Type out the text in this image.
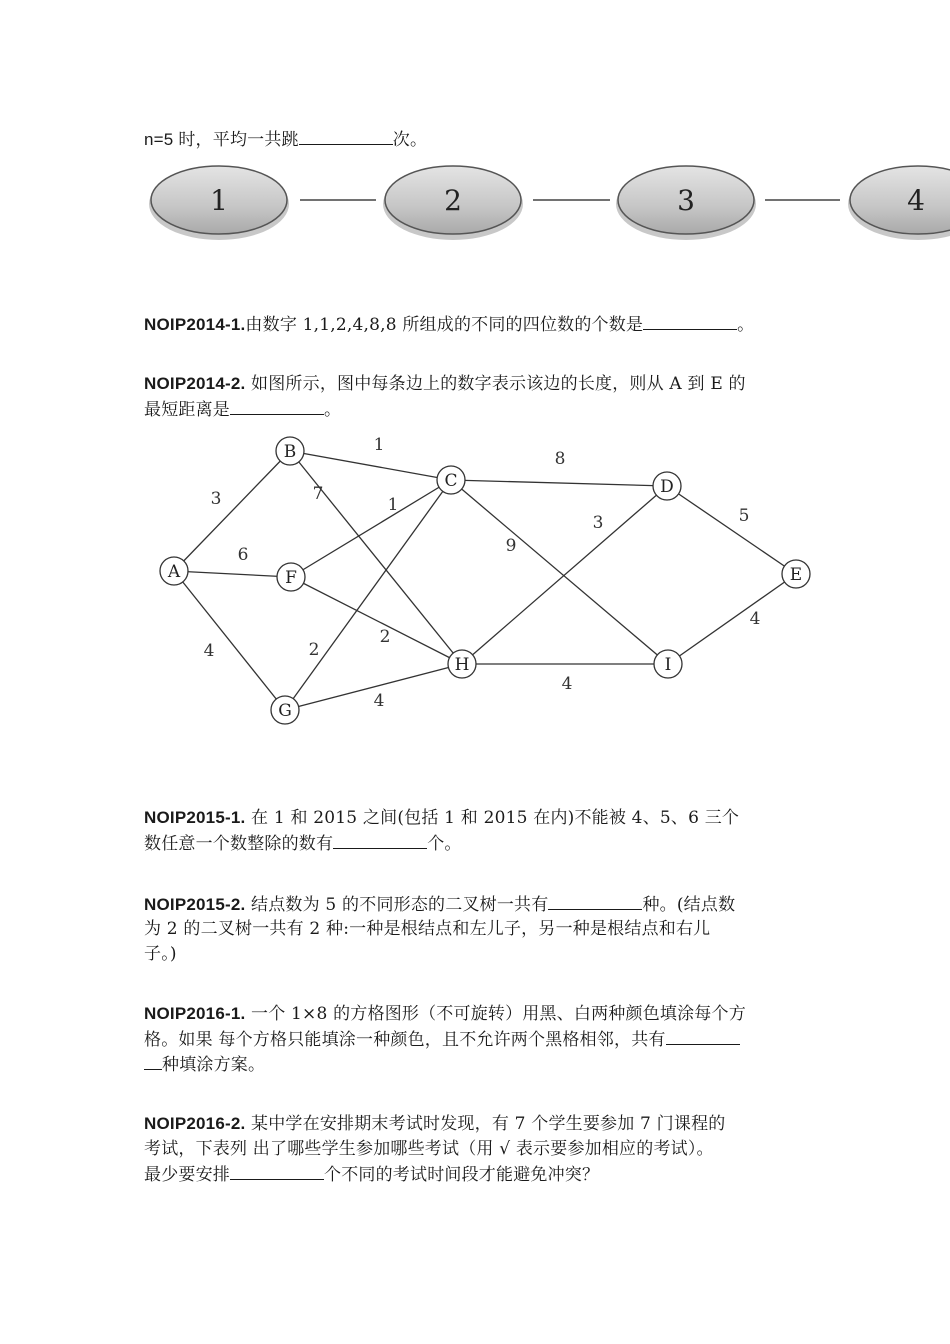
n=5 时，平均一共跳	次。
1	2	3	4
NOIP2014-1.由数字 1,1,2,4,8,8 所组成的不同的四位数的个数是	。
NOIP2014-2. 如图所示，图中每条边上的数字表示该边的长度，则从 A 到 E 的
最短距离是	。
3
6
4
1
7
1
2
2
4
8
9
3
4
5
4
A
B
C	D
E
F
G
H	I
NOIP2015-1. 在 1 和 2015 之间(包括 1 和 2015 在内)不能被 4、5、6 三个
数任意一个数整除的数有	个。
NOIP2015-2. 结点数为 5 的不同形态的二叉树一共有	种。(结点数
为 2 的二叉树一共有 2 种:一种是根结点和左儿子，另一种是根结点和右儿
子。)
NOIP2016-1. 一个 1×8 的方格图形（不可旋转）用黑、白两种颜色填涂每个方
格。如果 每个方格只能填涂一种颜色，且不允许两个黑格相邻，共有
种填涂方案。
NOIP2016-2. 某中学在安排期末考试时发现，有 7 个学生要参加 7 门课程的
考试，下表列 出了哪些学生参加哪些考试（用 √ 表示要参加相应的考试）。
最少要安排	个不同的考试时间段才能避免冲突？
